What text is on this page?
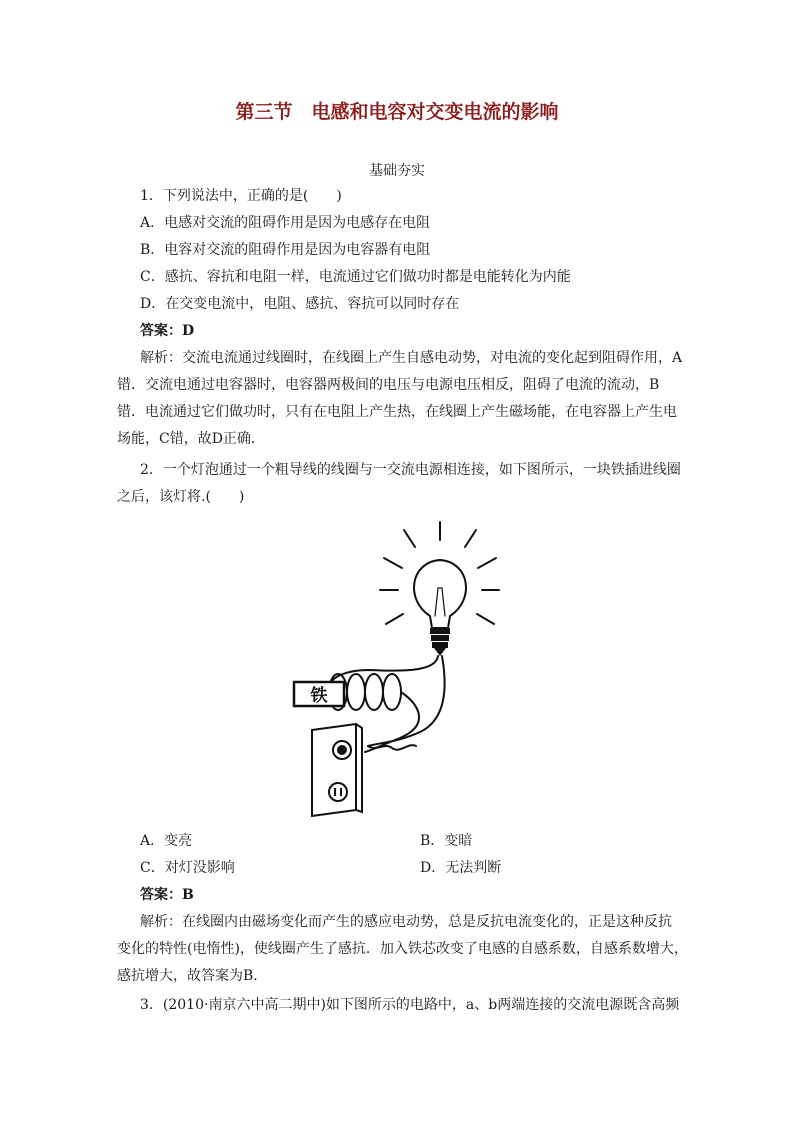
第三节　电感和电容对交变电流的影响
基础夯实
1．下列说法中，正确的是(　　)
A．电感对交流的阻碍作用是因为电感存在电阻
B．电容对交流的阻碍作用是因为电容器有电阻
C．感抗、容抗和电阻一样，电流通过它们做功时都是电能转化为内能
D．在交变电流中，电阻、感抗、容抗可以同时存在
答案：D
解析：交流电流通过线圈时，在线圈上产生自感电动势，对电流的变化起到阻碍作用，A
错．交流电通过电容器时，电容器两极间的电压与电源电压相反，阻碍了电流的流动，B
错．电流通过它们做功时，只有在电阻上产生热，在线圈上产生磁场能，在电容器上产生电
场能，C错，故D正确．
2．一个灯泡通过一个粗导线的线圈与一交流电源相连接，如下图所示，一块铁插进线圈
之后，该灯将.(　　)
铁
A．变亮	B．变暗
C．对灯没影响	D．无法判断
答案：B
解析：在线圈内由磁场变化而产生的感应电动势，总是反抗电流变化的，正是这种反抗
变化的特性(电惰性)，使线圈产生了感抗．加入铁芯改变了电感的自感系数，自感系数增大，
感抗增大，故答案为B.
3．(2010·南京六中高二期中)如下图所示的电路中，a、b两端连接的交流电源既含高频
